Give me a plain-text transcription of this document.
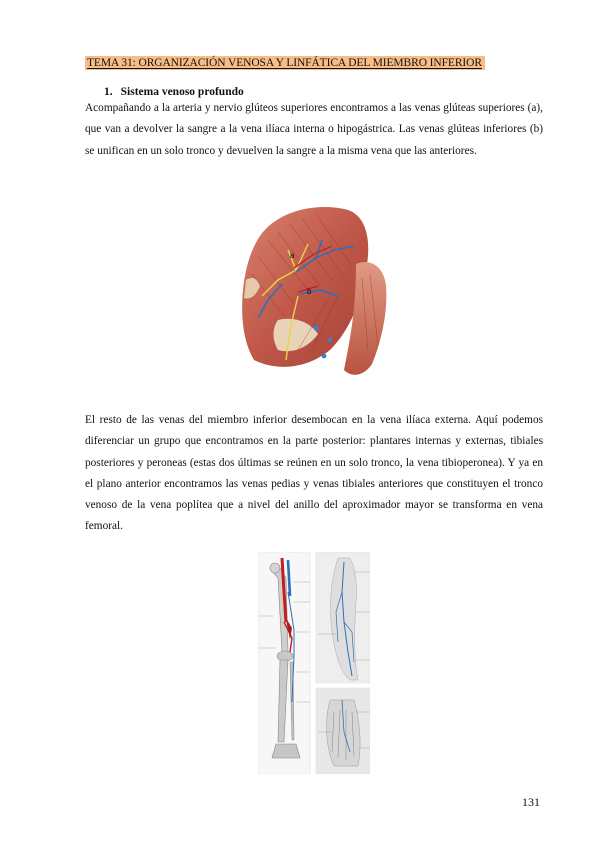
TEMA 31: ORGANIZACIÓN VENOSA Y LINFÁTICA DEL MIEMBRO INFERIOR
1. Sistema venoso profundo

Acompañando a la arteria y nervio glúteos superiores encontramos a las venas glúteas superiores (a), que van a devolver la sangre a la vena ilíaca interna o hipogástrica. Las venas glúteas inferiores (b) se unifican en un solo tronco y devuelven la sangre a la misma vena que las anteriores.

a
b

El resto de las venas del miembro inferior desembocan en la vena ilíaca externa. Aquí podemos diferenciar un grupo que encontramos en la parte posterior: plantares internas y externas, tibiales posteriores y peroneas (estas dos últimas se reúnen en un solo tronco, la vena tibioperonea). Y ya en el plano anterior encontramos las venas pedias y venas tibiales anteriores que constituyen el tronco venoso de la vena poplítea que a nivel del anillo del aproximador mayor se transforma en vena femoral.

131
